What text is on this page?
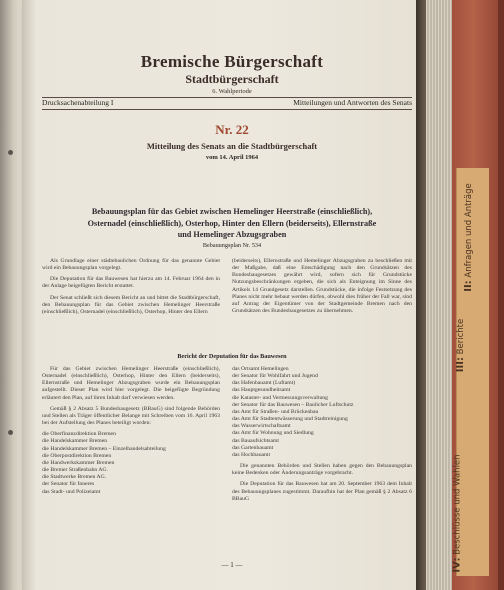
Bremische Bürgerschaft
Stadtbürgerschaft
6. Wahlperiode
Drucksachenabteilung I	Mitteilungen und Antworten des Senats
Nr. 22
Mitteilung des Senats an die Stadtbürgerschaft
vom 14. April 1964
Bebauungsplan für das Gebiet zwischen Hemelinger Heerstraße (einschließlich),
Osternadel (einschließlich), Osterhop, Hinter den Ellern (beiderseits), Ellernstraße
und Hemelinger Abzugsgraben
Bebauungsplan Nr. 534

Als Grundlage einer städtebaulichen Ordnung für das genannte Gebiet wird ein Bebauungsplan vorgelegt.

Die Deputation für das Bauwesen hat hierzu am 14. Februar 1964 den in der Anlage beigefügten Bericht erstattet.

Der Senat schließt sich diesem Bericht an und bittet die Stadtbürgerschaft, den Bebauungsplan für das Gebiet zwischen Hemelinger Heerstraße (einschließlich), Osternadel (einschließlich), Osterhop, Hinter den Ellern

(beiderseits), Ellernstraße und Hemelinger Abzugsgraben zu beschließen mit der Maßgabe, daß eine Entschädigung nach den Grundsätzen des Bundesbaugesetzes gewährt wird, sofern sich für Grundstücke Nutzungsbeschränkungen ergeben, die sich als Enteignung im Sinne des Artikels 14 Grundgesetz darstellen. Grundstücke, die infolge Festsetzung des Planes nicht mehr bebaut werden dürfen, obwohl dies früher der Fall war, sind auf Antrag der Eigentümer von der Stadtgemeinde Bremen nach den Grundsätzen des Bundesbaugesetzes zu übernehmen.

Bericht der Deputation für das Bauwesen

Für das Gebiet zwischen Hemelinger Heerstraße (einschließlich), Osternadel (einschließlich), Osterhop, Hinter den Ellern (beiderseits), Ellernstraße und Hemelinger Abzugsgraben wurde ein Bebauungsplan aufgestellt. Dieser Plan wird hier vorgelegt. Die beigefügte Begründung erläutert den Plan, auf ihren Inhalt darf verwiesen werden.

Gemäß § 2 Absatz 5 Bundesbaugesetz (BBauG) sind folgende Behörden und Stellen als Träger öffentlicher Belange mit Schreiben vom 16. April 1963 bei der Aufstellung des Planes beteiligt worden:

die Oberfinanzdirektion Bremen
die Handelskammer Bremen
die Handelskammer Bremen – Einzelhandelsabteilung
die Oberpostdirektion Bremen
die Handwerkskammer Bremen
die Bremer Straßenbahn AG.
die Stadtwerke Bremen AG.
der Senator für Inneres
das Stadt- und Polizeiamt
das Ortsamt Hemelingen
der Senator für Wohlfahrt und Jugend
das Hafenbauamt (Luftamt)
das Hauptgesundheitsamt
die Kataster- und Vermessungsverwaltung
der Senator für das Bauwesen – Baulicher Luftschutz
das Amt für Straßen- und Brückenbau
das Amt für Stadtentwässerung und Stadtreinigung
das Wasserwirtschaftsamt
das Amt für Wohnung und Siedlung
das Bauaufsichtsamt
das Gartenbauamt
das Hochbauamt

Die genannten Behörden und Stellen haben gegen den Bebauungsplan keine Bedenken oder Änderungsanträge vorgebracht.

Die Deputation für das Bauwesen hat am 20. September 1963 dem Inhalt des Bebauungsplanes zugestimmt. Daraufhin hat der Plan gemäß § 2 Absatz 6 BBauG

— 1 —
II: Anfragen und Anträge
III: Berichte
IV: Beschlüsse und Wahlen
